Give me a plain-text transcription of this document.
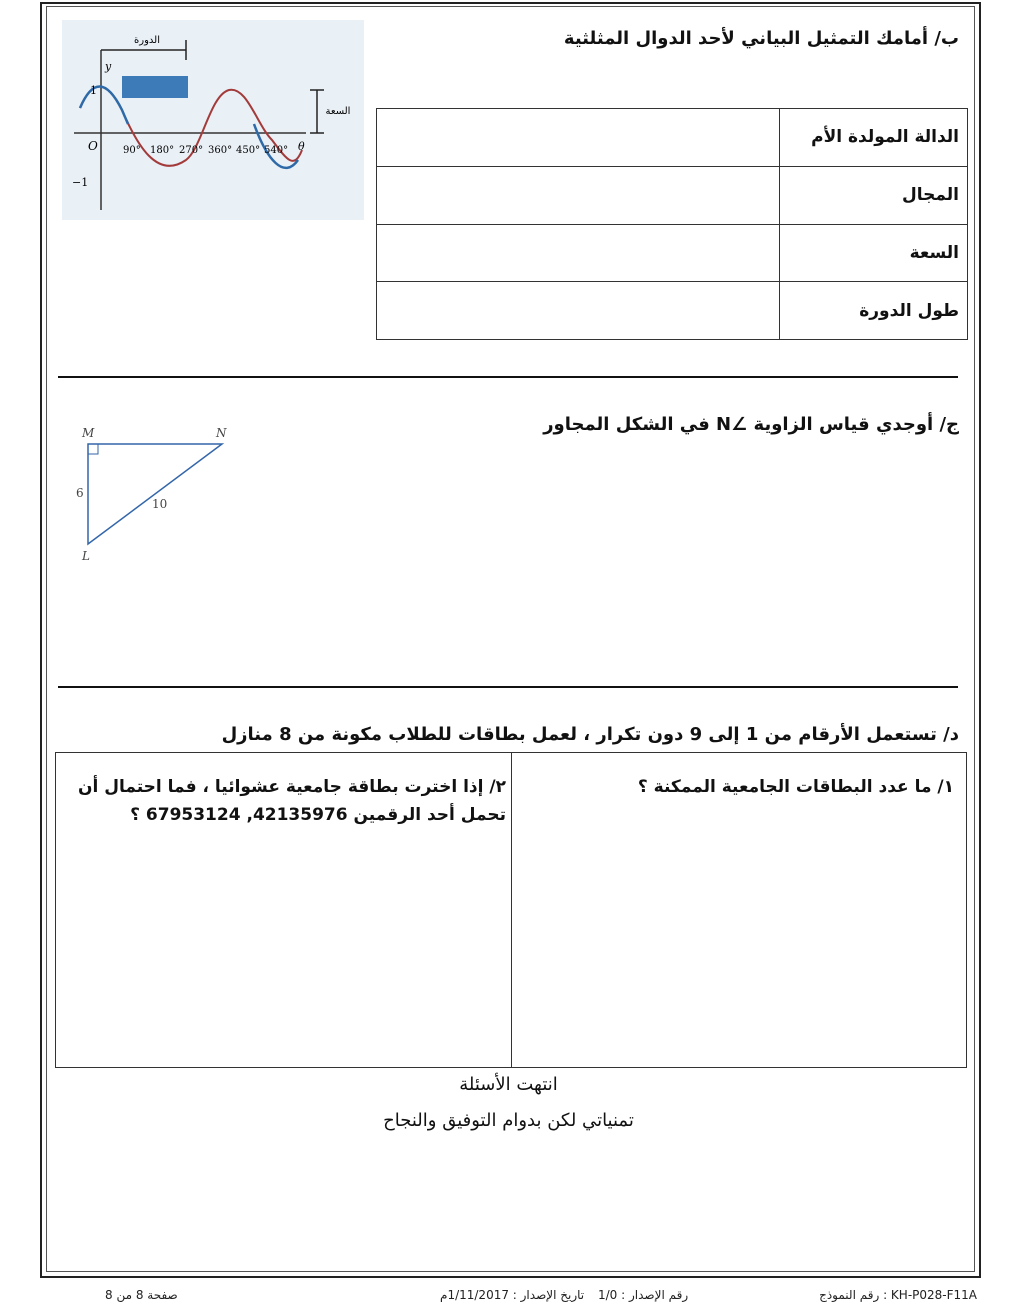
ب/ أمامك التمثيل البياني لأحد الدوال المثلثية
الدورة
السعة
y
O
1
−1
θ
90° 180° 270° 360° 450° 540°
الدالة المولدة الأم	
المجال	
السعة	
طول الدورة	
ج/ أوجدي قياس الزاوية ∠N في الشكل المجاور
M	N
L
6
10
د/ تستعمل الأرقام من 1 إلى 9 دون تكرار ، لعمل بطاقات للطلاب مكونة من 8 منازل
١/ ما عدد البطاقات الجامعية الممكنة ؟
٢/ إذا اخترت بطاقة جامعية عشوائيا ، فما احتمال أن
تحمل أحد الرقمين 42135976, 67953124 ؟
انتهت الأسئلة
تمنياتي لكن بدوام التوفيق والنجاح
رقم النموذج : KH-P028-F11A
رقم الإصدار : 1/0
تاريخ الإصدار : 1/11/2017م
صفحة 8 من 8
